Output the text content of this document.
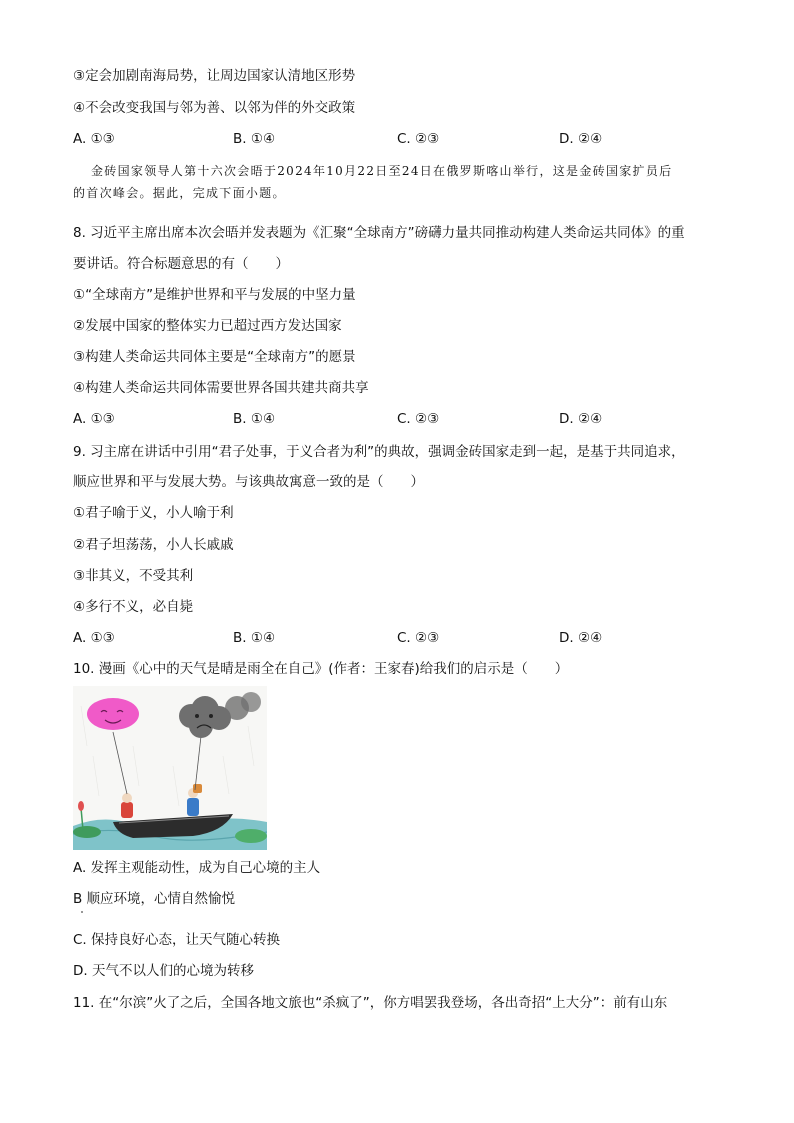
③定会加剧南海局势，让周边国家认清地区形势
④不会改变我国与邻为善、以邻为伴的外交政策
A. ①③	B. ①④	C. ②③	D. ②④
金砖国家领导人第十六次会晤于2024年10月22日至24日在俄罗斯喀山举行，这是金砖国家扩员后
的首次峰会。据此，完成下面小题。
8. 习近平主席出席本次会晤并发表题为《汇聚“全球南方”磅礴力量共同推动构建人类命运共同体》的重
要讲话。符合标题意思的有（　　）
①“全球南方”是维护世界和平与发展的中坚力量
②发展中国家的整体实力已超过西方发达国家
③构建人类命运共同体主要是“全球南方”的愿景
④构建人类命运共同体需要世界各国共建共商共享
A. ①③	B. ①④	C. ②③	D. ②④
9. 习主席在讲话中引用“君子处事，于义合者为利”的典故，强调金砖国家走到一起，是基于共同追求，
顺应世界和平与发展大势。与该典故寓意一致的是（　　）
①君子喻于义，小人喻于利
②君子坦荡荡，小人长戚戚
③非其义，不受其利
④多行不义，必自毙
A. ①③	B. ①④	C. ②③	D. ②④
10. 漫画《心中的天气是晴是雨全在自己》(作者：王家春)给我们的启示是（　　）
A. 发挥主观能动性，成为自己心境的主人
B 顺应环境，心情自然愉悦
C. 保持良好心态，让天气随心转换
D. 天气不以人们的心境为转移
11. 在“尔滨”火了之后，全国各地文旅也“杀疯了”，你方唱罢我登场，各出奇招“上大分”：前有山东
